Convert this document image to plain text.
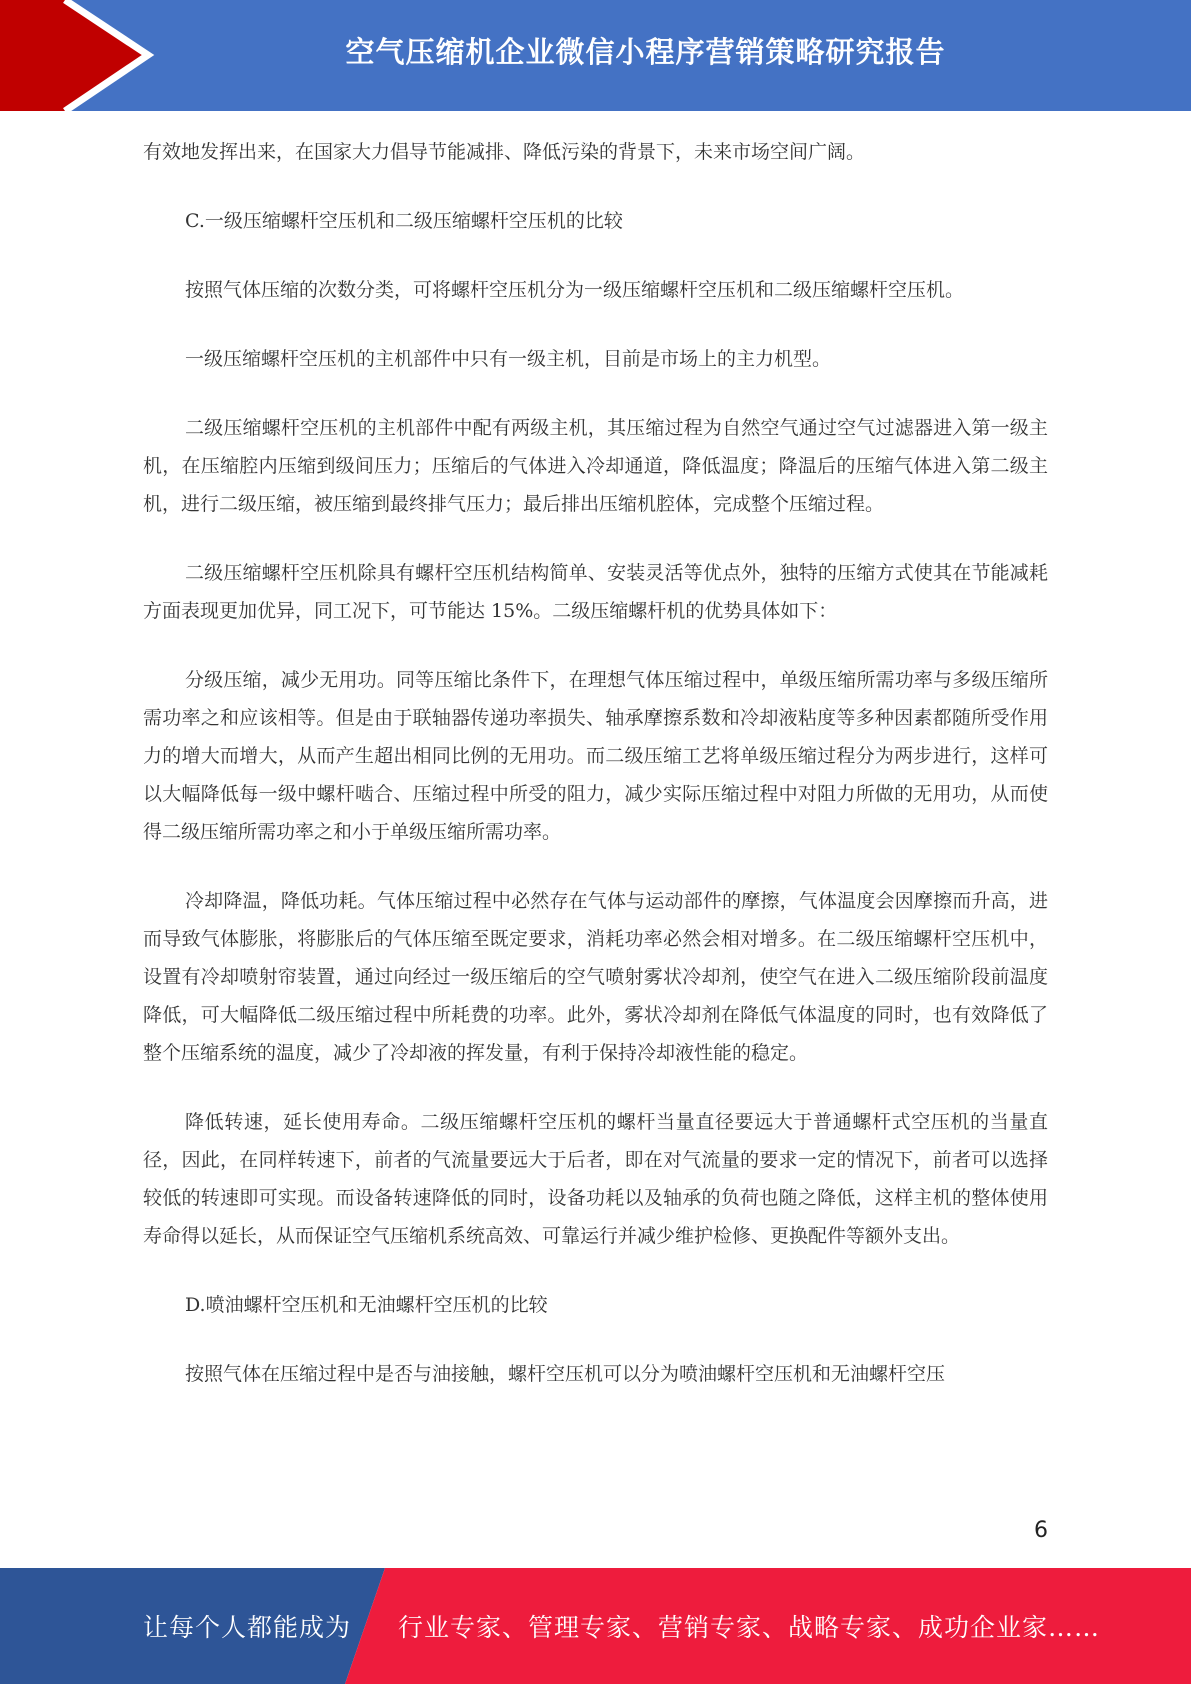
空气压缩机企业微信小程序营销策略研究报告

有效地发挥出来，在国家大力倡导节能减排、降低污染的背景下，未来市场空间广阔。

C.一级压缩螺杆空压机和二级压缩螺杆空压机的比较

按照气体压缩的次数分类，可将螺杆空压机分为一级压缩螺杆空压机和二级压缩螺杆空压机。

一级压缩螺杆空压机的主机部件中只有一级主机，目前是市场上的主力机型。

二级压缩螺杆空压机的主机部件中配有两级主机，其压缩过程为自然空气通过空气过滤器进入第一级主机，在压缩腔内压缩到级间压力；压缩后的气体进入冷却通道，降低温度；降温后的压缩气体进入第二级主机，进行二级压缩，被压缩到最终排气压力；最后排出压缩机腔体，完成整个压缩过程。

二级压缩螺杆空压机除具有螺杆空压机结构简单、安装灵活等优点外，独特的压缩方式使其在节能减耗方面表现更加优异，同工况下，可节能达 15%。二级压缩螺杆机的优势具体如下：

分级压缩，减少无用功。同等压缩比条件下，在理想气体压缩过程中，单级压缩所需功率与多级压缩所需功率之和应该相等。但是由于联轴器传递功率损失、轴承摩擦系数和冷却液粘度等多种因素都随所受作用力的增大而增大，从而产生超出相同比例的无用功。而二级压缩工艺将单级压缩过程分为两步进行，这样可以大幅降低每一级中螺杆啮合、压缩过程中所受的阻力，减少实际压缩过程中对阻力所做的无用功，从而使得二级压缩所需功率之和小于单级压缩所需功率。

冷却降温，降低功耗。气体压缩过程中必然存在气体与运动部件的摩擦，气体温度会因摩擦而升高，进而导致气体膨胀，将膨胀后的气体压缩至既定要求，消耗功率必然会相对增多。在二级压缩螺杆空压机中，设置有冷却喷射帘装置，通过向经过一级压缩后的空气喷射雾状冷却剂，使空气在进入二级压缩阶段前温度降低，可大幅降低二级压缩过程中所耗费的功率。此外，雾状冷却剂在降低气体温度的同时，也有效降低了整个压缩系统的温度，减少了冷却液的挥发量，有利于保持冷却液性能的稳定。

降低转速，延长使用寿命。二级压缩螺杆空压机的螺杆当量直径要远大于普通螺杆式空压机的当量直径，因此，在同样转速下，前者的气流量要远大于后者，即在对气流量的要求一定的情况下，前者可以选择较低的转速即可实现。而设备转速降低的同时，设备功耗以及轴承的负荷也随之降低，这样主机的整体使用寿命得以延长，从而保证空气压缩机系统高效、可靠运行并减少维护检修、更换配件等额外支出。

D.喷油螺杆空压机和无油螺杆空压机的比较

按照气体在压缩过程中是否与油接触，螺杆空压机可以分为喷油螺杆空压机和无油螺杆空压

6
让每个人都能成为 行业专家、管理专家、营销专家、战略专家、成功企业家……
